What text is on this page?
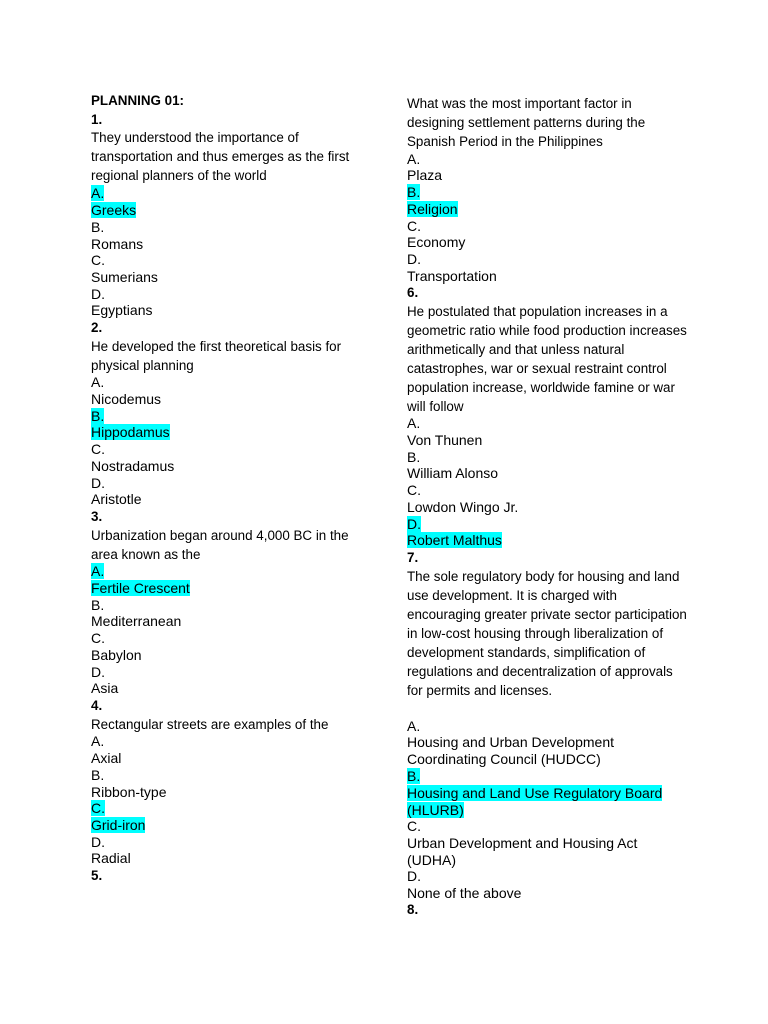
PLANNING 01:
1.
They understood the importance of transportation and thus emerges as the first regional planners of the world
A.
Greeks
B.
Romans
C.
Sumerians
D.
Egyptians
2.
He developed the first theoretical basis for physical planning
A.
Nicodemus
B.
Hippodamus
C.
Nostradamus
D.
Aristotle
3.
Urbanization began around 4,000 BC in the area known as the
A.
Fertile Crescent
B.
Mediterranean
C.
Babylon
D.
Asia
4.
Rectangular streets are examples of the
A.
Axial
B.
Ribbon-type
C.
Grid-iron
D.
Radial
5.
What was the most important factor in designing settlement patterns during the Spanish Period in the Philippines
A.
Plaza
B.
Religion
C.
Economy
D.
Transportation
6.
He postulated that population increases in a geometric ratio while food production increases arithmetically and that unless natural catastrophes, war or sexual restraint control population increase, worldwide famine or war will follow
A.
Von Thunen
B.
William Alonso
C.
Lowdon Wingo Jr.
D.
Robert Malthus
7.
The sole regulatory body for housing and land use development. It is charged with encouraging greater private sector participation in low-cost housing through liberalization of development standards, simplification of regulations and decentralization of approvals for permits and licenses.
A.
Housing and Urban Development Coordinating Council (HUDCC)
B.
Housing and Land Use Regulatory Board (HLURB)
C.
Urban Development and Housing Act (UDHA)
D.
None of the above
8.
